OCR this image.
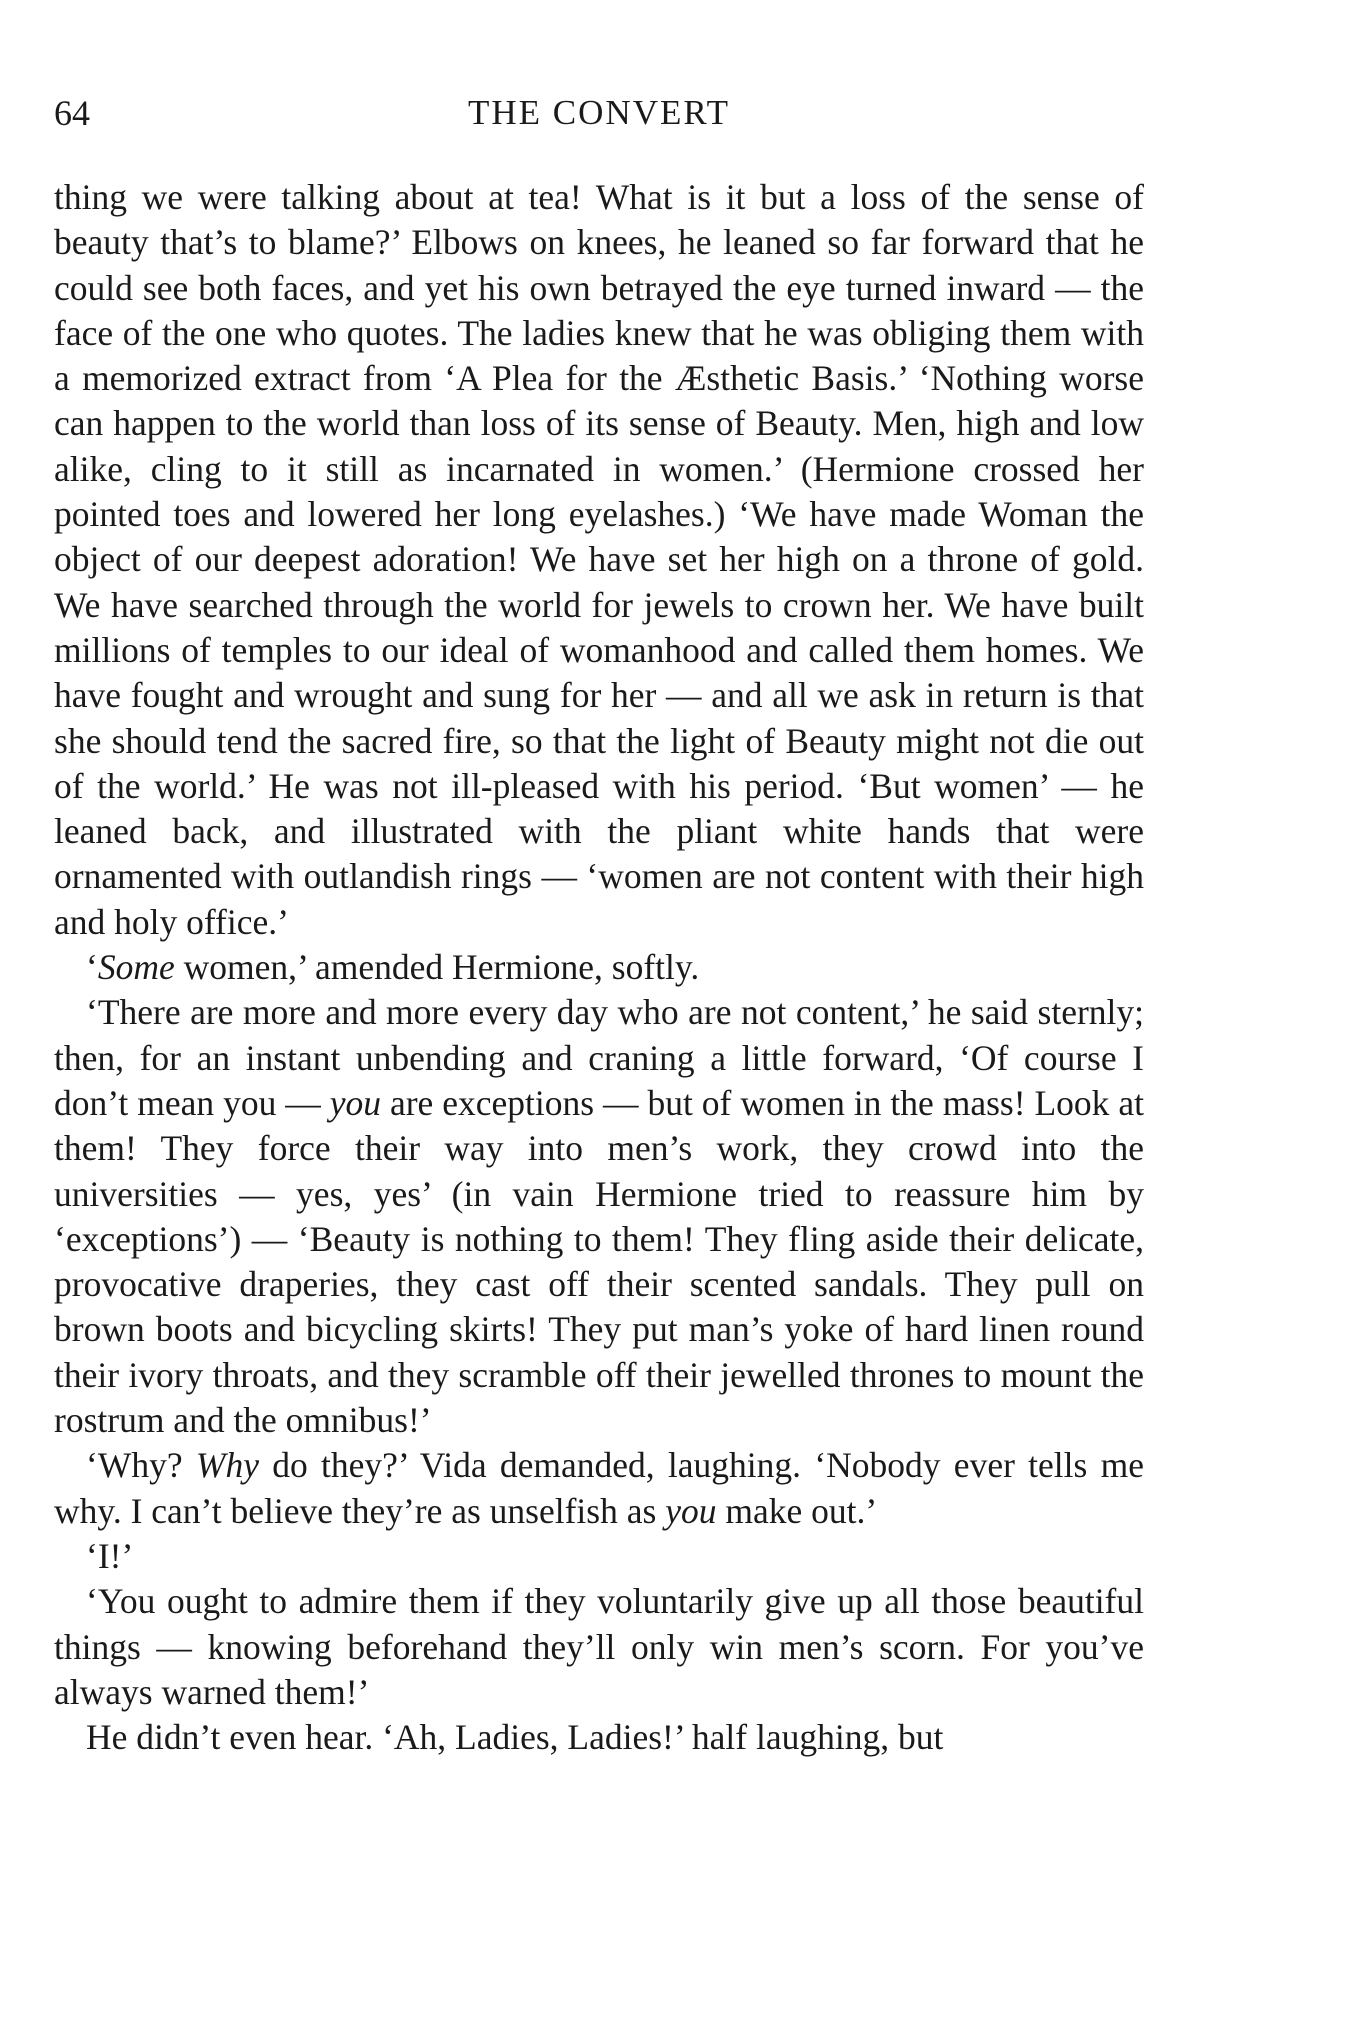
64	THE CONVERT

thing we were talking about at tea! What is it but a loss of the sense of beauty that’s to blame?’ Elbows on knees, he leaned so far forward that he could see both faces, and yet his own betrayed the eye turned inward — the face of the one who quotes. The ladies knew that he was obliging them with a memorized extract from ‘A Plea for the Æsthetic Basis.’ ‘Nothing worse can happen to the world than loss of its sense of Beauty. Men, high and low alike, cling to it still as incarnated in women.’ (Hermione crossed her pointed toes and lowered her long eyelashes.) ‘We have made Woman the object of our deepest adoration! We have set her high on a throne of gold. We have searched through the world for jewels to crown her. We have built millions of temples to our ideal of womanhood and called them homes. We have fought and wrought and sung for her — and all we ask in return is that she should tend the sacred fire, so that the light of Beauty might not die out of the world.’ He was not ill-pleased with his period. ‘But women’ — he leaned back, and illustrated with the pliant white hands that were ornamented with outlandish rings — ‘women are not content with their high and holy office.’

‘Some women,’ amended Hermione, softly.

‘There are more and more every day who are not content,’ he said sternly; then, for an instant unbending and craning a little forward, ‘Of course I don’t mean you — you are exceptions — but of women in the mass! Look at them! They force their way into men’s work, they crowd into the universities — yes, yes’ (in vain Hermione tried to reassure him by ‘exceptions’) — ‘Beauty is nothing to them! They fling aside their delicate, provocative draperies, they cast off their scented sandals. They pull on brown boots and bicycling skirts! They put man’s yoke of hard linen round their ivory throats, and they scramble off their jewelled thrones to mount the rostrum and the omnibus!’

‘Why? Why do they?’ Vida demanded, laughing. ‘Nobody ever tells me why. I can’t believe they’re as unselfish as you make out.’

‘I!’

‘You ought to admire them if they voluntarily give up all those beautiful things — knowing beforehand they’ll only win men’s scorn. For you’ve always warned them!’

He didn’t even hear. ‘Ah, Ladies, Ladies!’ half laughing, but
